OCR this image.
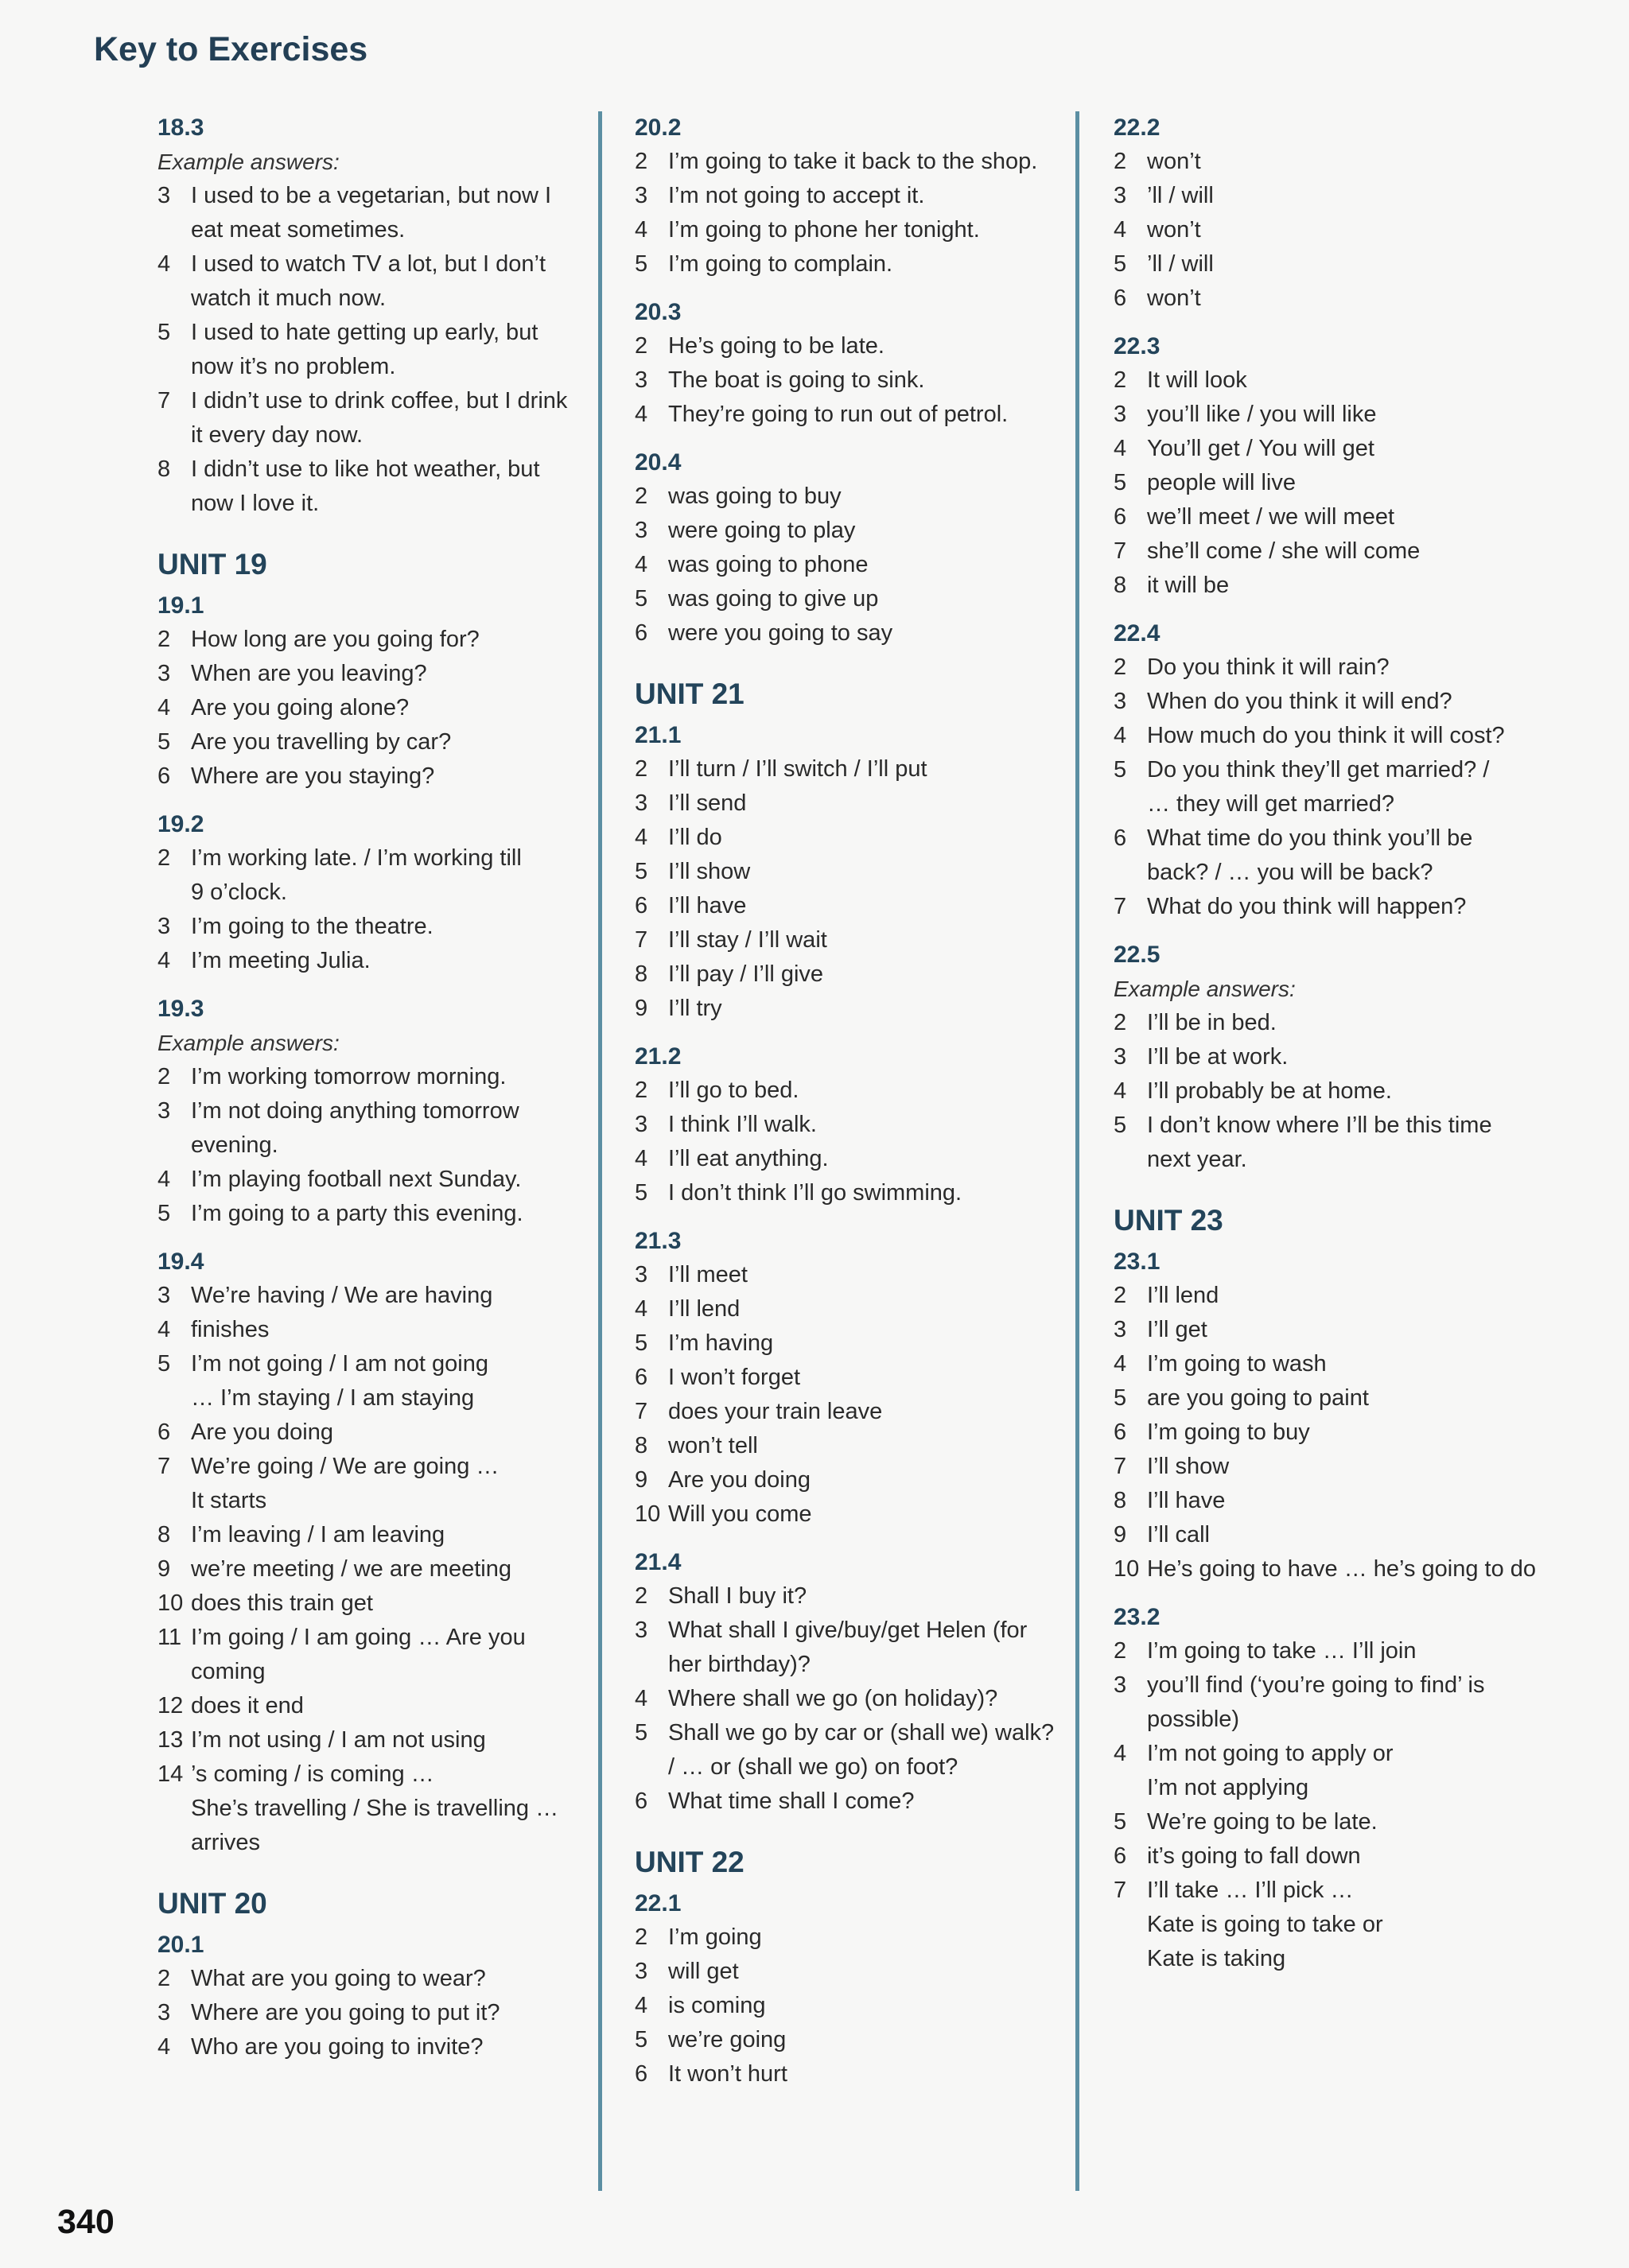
Key to Exercises
18.3
Example answers:
3 I used to be a vegetarian, but now I
eat meat sometimes.
4 I used to watch TV a lot, but I don’t
watch it much now.
5 I used to hate getting up early, but
now it’s no problem.
7 I didn’t use to drink coffee, but I drink
it every day now.
8 I didn’t use to like hot weather, but
now I love it.
UNIT 19
19.1
2 How long are you going for?
3 When are you leaving?
4 Are you going alone?
5 Are you travelling by car?
6 Where are you staying?
19.2
2 I’m working late. / I’m working till
9 o’clock.
3 I’m going to the theatre.
4 I’m meeting Julia.
19.3
Example answers:
2 I’m working tomorrow morning.
3 I’m not doing anything tomorrow
evening.
4 I’m playing football next Sunday.
5 I’m going to a party this evening.
19.4
3 We’re having / We are having
4 finishes
5 I’m not going / I am not going
… I’m staying / I am staying
6 Are you doing
7 We’re going / We are going …
It starts
8 I’m leaving / I am leaving
9 we’re meeting / we are meeting
10 does this train get
11 I’m going / I am going … Are you
coming
12 does it end
13 I’m not using / I am not using
14 ’s coming / is coming …
She’s travelling / She is travelling …
arrives
UNIT 20
20.1
2 What are you going to wear?
3 Where are you going to put it?
4 Who are you going to invite?
20.2
2 I’m going to take it back to the shop.
3 I’m not going to accept it.
4 I’m going to phone her tonight.
5 I’m going to complain.
20.3
2 He’s going to be late.
3 The boat is going to sink.
4 They’re going to run out of petrol.
20.4
2 was going to buy
3 were going to play
4 was going to phone
5 was going to give up
6 were you going to say
UNIT 21
21.1
2 I’ll turn / I’ll switch / I’ll put
3 I’ll send
4 I’ll do
5 I’ll show
6 I’ll have
7 I’ll stay / I’ll wait
8 I’ll pay / I’ll give
9 I’ll try
21.2
2 I’ll go to bed.
3 I think I’ll walk.
4 I’ll eat anything.
5 I don’t think I’ll go swimming.
21.3
3 I’ll meet
4 I’ll lend
5 I’m having
6 I won’t forget
7 does your train leave
8 won’t tell
9 Are you doing
10 Will you come
21.4
2 Shall I buy it?
3 What shall I give/buy/get Helen (for
her birthday)?
4 Where shall we go (on holiday)?
5 Shall we go by car or (shall we) walk?
/ … or (shall we go) on foot?
6 What time shall I come?
UNIT 22
22.1
2 I’m going
3 will get
4 is coming
5 we’re going
6 It won’t hurt
22.2
2 won’t
3 ’ll / will
4 won’t
5 ’ll / will
6 won’t
22.3
2 It will look
3 you’ll like / you will like
4 You’ll get / You will get
5 people will live
6 we’ll meet / we will meet
7 she’ll come / she will come
8 it will be
22.4
2 Do you think it will rain?
3 When do you think it will end?
4 How much do you think it will cost?
5 Do you think they’ll get married? /
… they will get married?
6 What time do you think you’ll be
back? / … you will be back?
7 What do you think will happen?
22.5
Example answers:
2 I’ll be in bed.
3 I’ll be at work.
4 I’ll probably be at home.
5 I don’t know where I’ll be this time
next year.
UNIT 23
23.1
2 I’ll lend
3 I’ll get
4 I’m going to wash
5 are you going to paint
6 I’m going to buy
7 I’ll show
8 I’ll have
9 I’ll call
10 He’s going to have … he’s going to do
23.2
2 I’m going to take … I’ll join
3 you’ll find (‘you’re going to find’ is
possible)
4 I’m not going to apply or
I’m not applying
5 We’re going to be late.
6 it’s going to fall down
7 I’ll take … I’ll pick …
Kate is going to take or
Kate is taking
340
